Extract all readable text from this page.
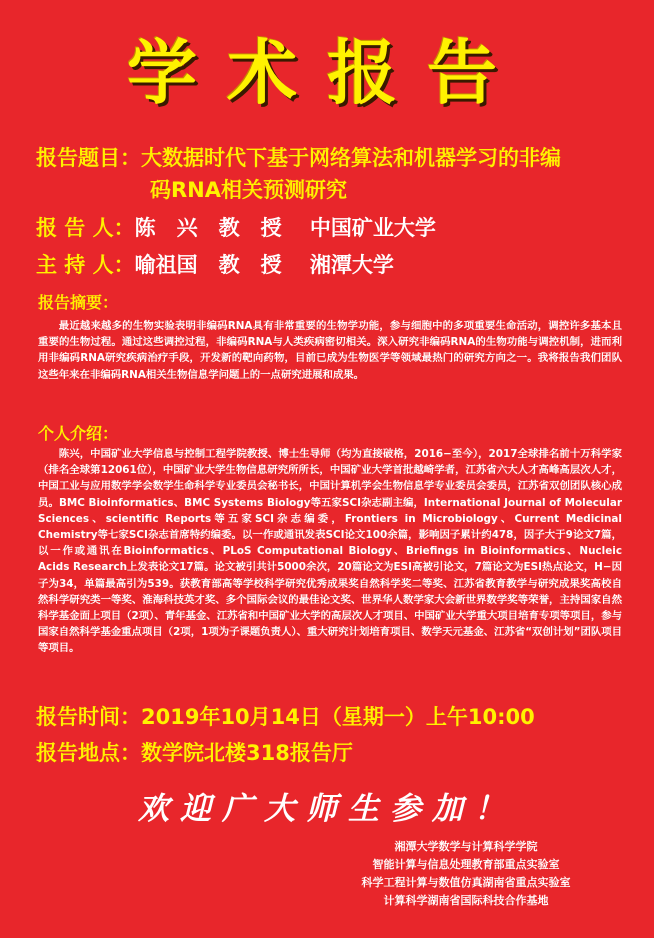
学术报告
报告题目：大数据时代下基于网络算法和机器学习的非编
码RNA相关预测研究
报 告 人：陈　兴　教　授　 中国矿业大学
主 持 人：喻祖国　教　授　 湘潭大学
报告摘要：
最近越来越多的生物实验表明非编码RNA具有非常重要的生物学功能，参与细胞中的多项重要生命活动，调控许多基本且重要的生物过程。通过这些调控过程，非编码RNA与人类疾病密切相关。深入研究非编码RNA的生物功能与调控机制，进而利用非编码RNA研究疾病治疗手段，开发新的靶向药物，目前已成为生物医学等领域最热门的研究方向之一。我将报告我们团队这些年来在非编码RNA相关生物信息学问题上的一点研究进展和成果。
个人介绍：
陈兴，中国矿业大学信息与控制工程学院教授、博士生导师（均为直接破格，2016−至今），2017全球排名前十万科学家（排名全球第12061位），中国矿业大学生物信息研究所所长，中国矿业大学首批越崎学者，江苏省六大人才高峰高层次人才，中国工业与应用数学学会数学生命科学专业委员会秘书长，中国计算机学会生物信息学专业委员会委员，江苏省双创团队核心成员。BMC Bioinformatics、BMC Systems Biology等五家SCI杂志副主编，International Journal of Molecular Sciences、scientific Reports等五家SCI杂志编委，Frontiers in Microbiology、Current Medicinal Chemistry等七家SCI杂志首席特约编委。以一作或通讯发表SCI论文100余篇，影响因子累计约478，因子大于9论文7篇，以一作或通讯在Bioinformatics、PLoS Computational Biology、Briefings in Bioinformatics、Nucleic Acids Research上发表论文17篇。论文被引共计5000余次，20篇论文为ESI高被引论文，7篇论文为ESI热点论文，H−因子为34，单篇最高引为539。获教育部高等学校科学研究优秀成果奖自然科学奖二等奖、江苏省教育教学与研究成果奖高校自然科学研究类一等奖、淮海科技英才奖、多个国际会议的最佳论文奖、世界华人数学家大会新世界数学奖等荣誉，主持国家自然科学基金面上项目（2项）、青年基金、江苏省和中国矿业大学的高层次人才项目、中国矿业大学重大项目培育专项等项目，参与国家自然科学基金重点项目（2项，1项为子课题负责人）、重大研究计划培育项目、数学天元基金、江苏省“双创计划”团队项目等项目。
报告时间：2019年10月14日（星期一）上午10:00
报告地点：数学院北楼318报告厅
欢迎广大师生参加！
湘潭大学数学与计算科学学院
智能计算与信息处理教育部重点实验室
科学工程计算与数值仿真湖南省重点实验室
计算科学湖南省国际科技合作基地
